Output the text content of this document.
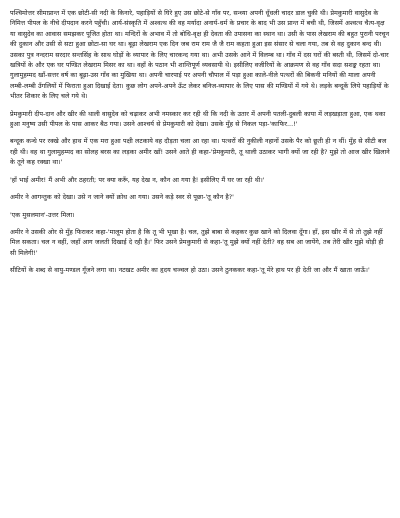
पश्चिमोत्तर सीमाप्रान्त में एक छोटी-सी नदी के किनारे, पहाड़ियों से घिरे हुए उस छोटे-से गाँव पर, सन्ध्या अपनी धूँधली चादर डाल चुकी थी। प्रेमकुमारी वासुदेव के निमित्त पीपल के नीचे दीपदान करने पहुँची। आर्य-संस्कृति में अश्वत्थ की वह मर्यादा अनार्य-धर्म के प्रचार के बाद भी उस प्रान्त में बची थी, जिसमें अश्वत्थ चैत्य-वृक्ष या वासुदेव का आवास समझकर पूजित होता था। मन्दिरों के अभाव में तो बोधि-वृक्ष ही देवता की उपासना का स्थान था। उसी के पास लेखराम की बहुत पुरानी परचून की दुकान और उसी से सटा हुआ छोटा-सा घर था। बूढ़ा लेखराम एक दिन जब राम राम जै जै राम कहता हुआ इस संसार से चला गया, तब से वह दुकान बन्द थी। उसका पुत्र नन्दराम सरदार सन्तसिंह के साथ घोड़ों के व्यापार के लिए चारकन्द गया था। अभी उसके आने में विलम्ब था। गाँव में दस घरों की बस्ती थी, जिसमें दो-चार खत्रियों के और एक घर पण्डित लेखराम मिसर का था। वहाँ के पठान भी शान्तिपूर्ण व्यवसायी थे। इसीलिए वजीरियों के आक्रमण से वह गाँव सदा सशङ्क रहता था। गुलामुहम्मद खाँ-सत्तर वर्ष का बूढ़ा-उस गाँव का मुखिया था। अपनी चारपाई पर अपनी चौपाल में पड़ा हुआ काले-नीले पत्थरों की बिकनी मनियों की माला अपनी लम्बी-लम्बी उँगलियों में फिराता हुआ दिखाई देता। कुछ लोग अपने-अपने ऊँट लेकर बनिज-व्यापार के लिए पास की मण्डियों में गये थे। लड़के बन्दूकें लिये पहाड़ियों के भीतर शिकार के लिए चले गये थे।

प्रेमकुमारी दीप-दान और खीर की थाली वासुदेव को चढ़ाकर अभी नमस्कार कर रही थी कि नदी के उतार में अपनी पतली-दुबली काया में लड़खड़ाता हुआ, एक थका हुआ मनुष्य उसी पीपल के पास आकर बैठ गया। उसने आश्चर्य से प्रेमकुमारी को देखा। उसके मुँह से निकल पड़ा-'काफिर...!'

बन्दूक कन्धे पर रक्खे और हाथ में एक मरा हुआ पक्षी लटकाये वह दौड़ता चला आ रहा था। पत्थरों की नुकीली नहानों उसके पैर को छूती ही न थीं। मुँह से सीटी बज रही थी। वह था गुलामुहम्मद का सोलह बरस का लड़का अमीर खाँ! उसने आते ही कहा-'प्रेमकुमारी, तू थाली उठाकर भागी क्यों जा रही है? मुझे तो आज खीर खिलाने के तूने कह रक्खा था।'

'हाँ भाई अमीर! मैं अभी और ठहरती; पर क्या करूँ, यह देख न, कौन आ गया है! इसीलिए मैं घर जा रही थी।'

अमीर ने आगन्तुक को देखा। उसे न जाने क्यों क्रोध आ गया। उसने कड़े स्वर से पूछा-'तू कौन है?'

'एक मुसलमान'-उत्तर मिला।

अमीर ने उसकी ओर से मुँह फिराकर कहा-'मालूम होता है कि तू भी भूखा है। चल, तुझे बाबा से कहकर कुछ खाने को दिलवा दूँगा। हाँ, इस खीर में से तो तुझे नहीं मिल सकता। चल न वहीं, जहाँ आग जलती दिखाई दे रही है।' फिर उसने प्रेमकुमारी से कहा-'तू मुझे क्यों नहीं देती? वह सब आ जायेंगे, तब तेरी खीर मुझे थोड़ी ही सी मिलेगी!'

सीटियों के शब्द से वायु-मण्डल गूँजने लगा था। नटखट अमीर का हृदय चञ्चल हो उठा। उसने ठुनककर कहा-'तू मेरे हाथ पर ही देती जा और मैं खाता जाऊँ।'
